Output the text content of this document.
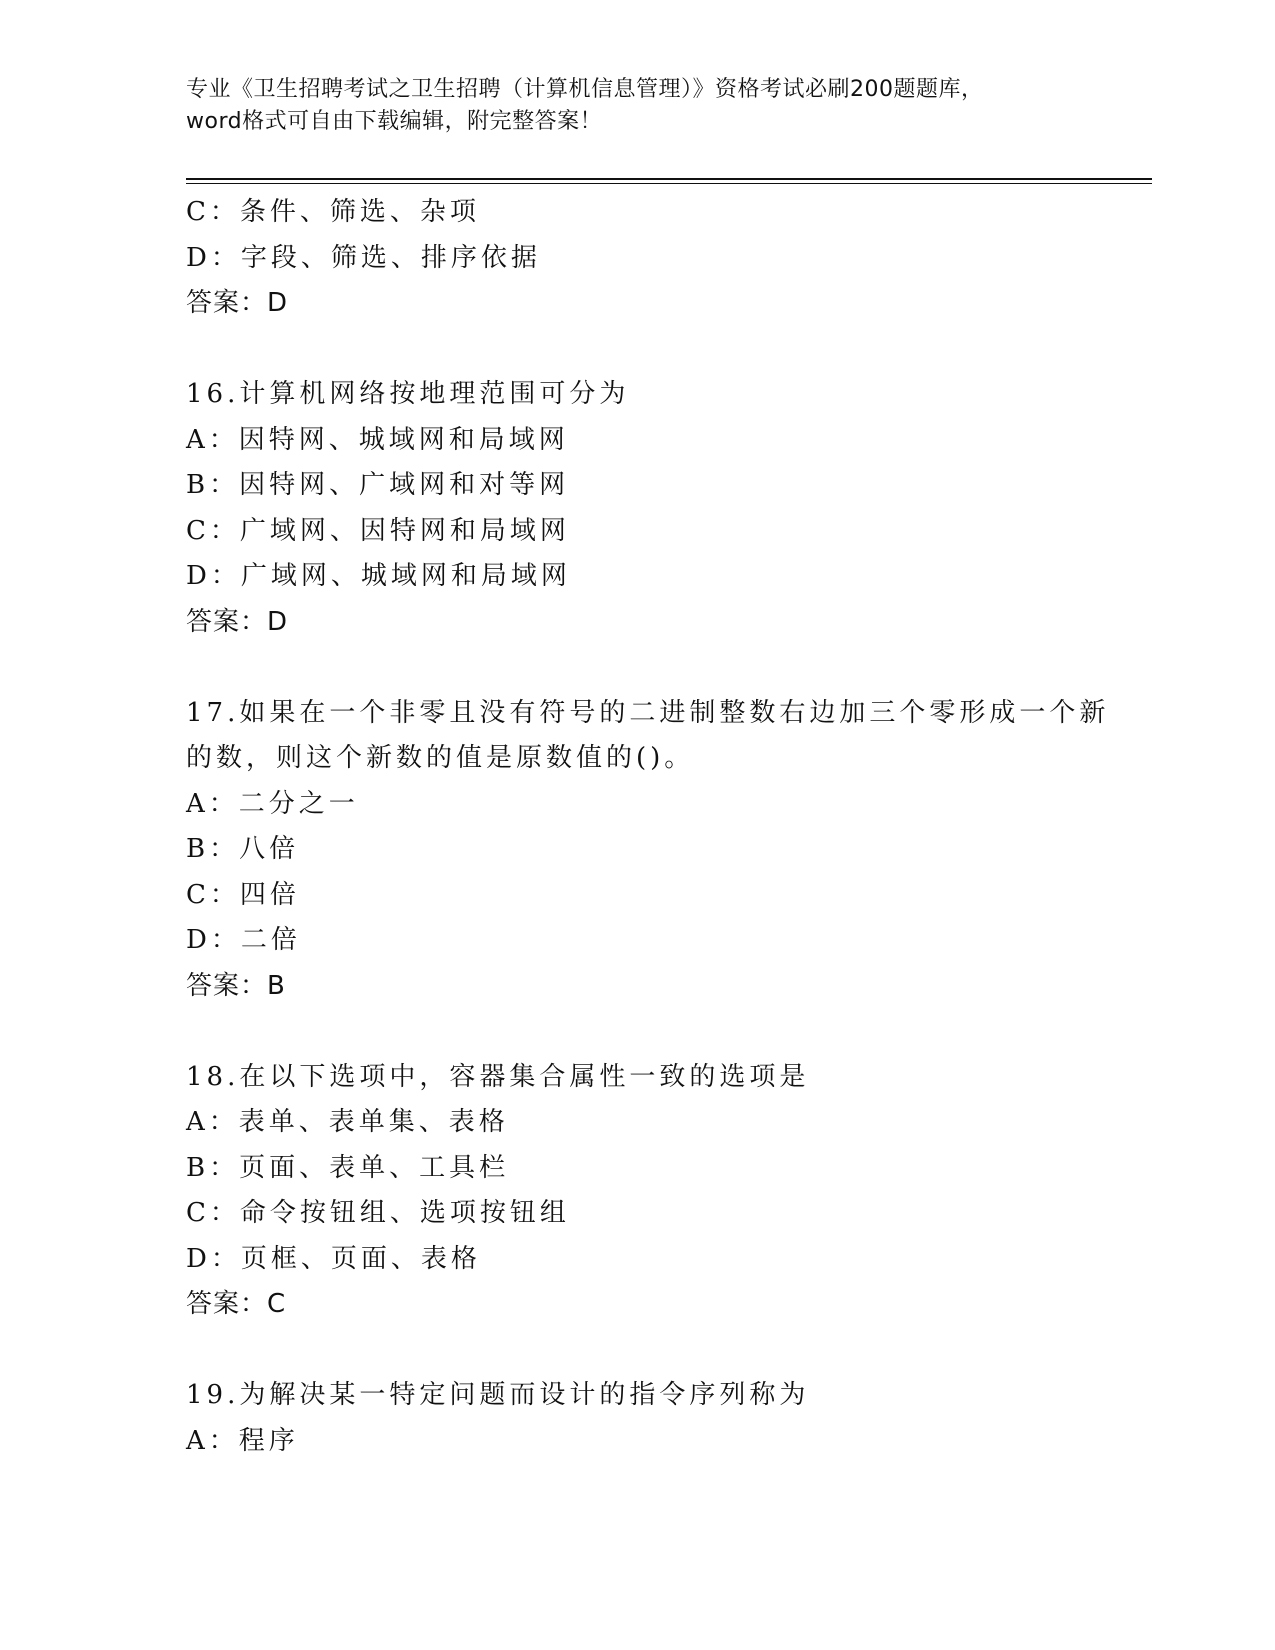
专业《卫生招聘考试之卫生招聘（计算机信息管理）》资格考试必刷200题题库，
word格式可自由下载编辑，附完整答案！
C：条件、筛选、杂项
D：字段、筛选、排序依据
答案：D
16.计算机网络按地理范围可分为
A：因特网、城域网和局域网
B：因特网、广域网和对等网
C：广域网、因特网和局域网
D：广域网、城域网和局域网
答案：D
17.如果在一个非零且没有符号的二进制整数右边加三个零形成一个新
的数，则这个新数的值是原数值的()。
A：二分之一
B：八倍
C：四倍
D：二倍
答案：B
18.在以下选项中，容器集合属性一致的选项是
A：表单、表单集、表格
B：页面、表单、工具栏
C：命令按钮组、选项按钮组
D：页框、页面、表格
答案：C
19.为解决某一特定问题而设计的指令序列称为
A：程序
